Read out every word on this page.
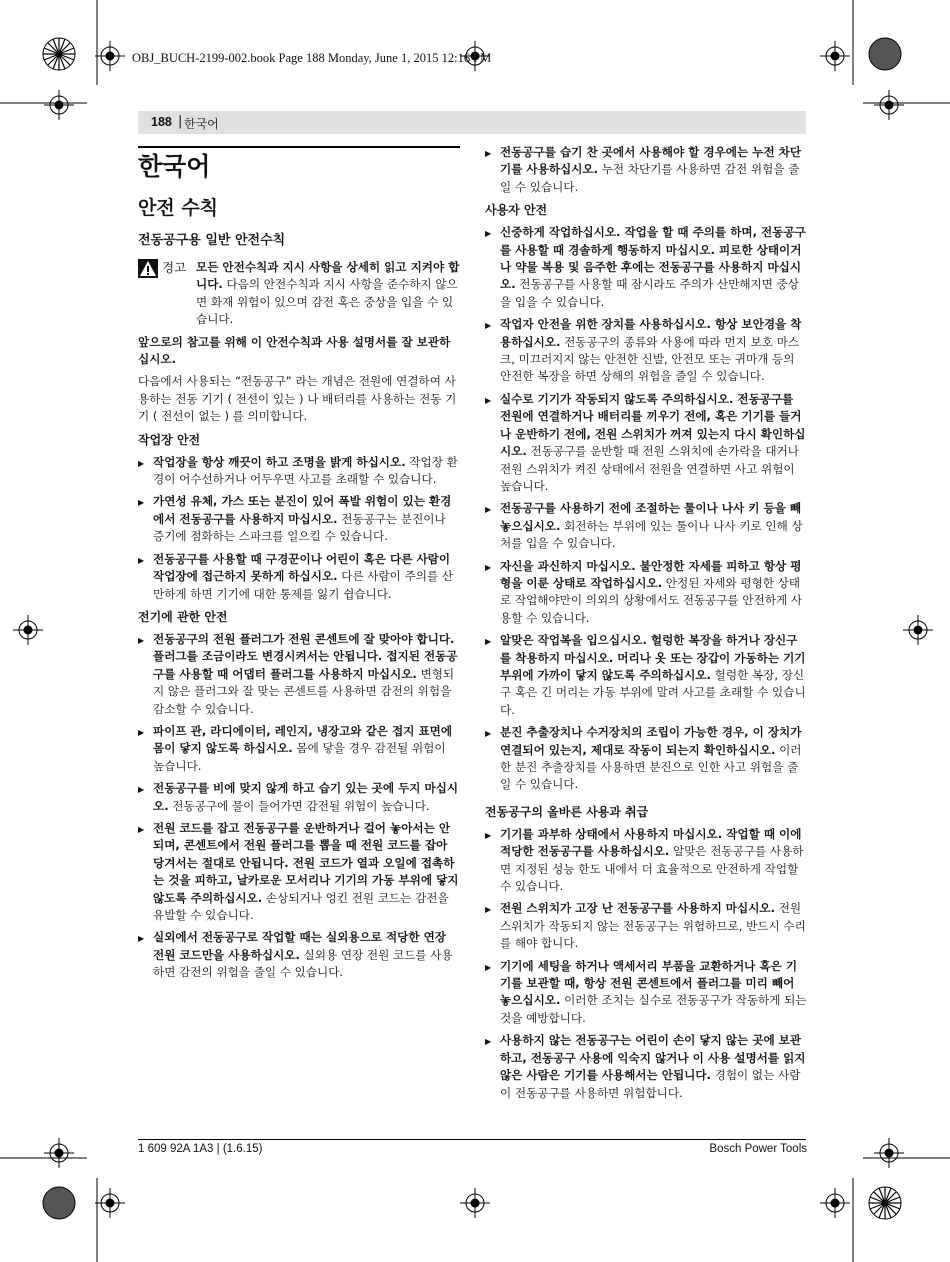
OBJ_BUCH-2199-002.book Page 188 Monday, June 1, 2015 12:16 PM
188 | 한국어
한국어
안전 수칙
전동공구용 일반 안전수칙

경고 모든 안전수칙과 지시 사항을 상세히 읽고 지켜야 합니다. 다음의 안전수칙과 지시 사항을 준수하지 않으면 화재 위험이 있으며 감전 혹은 중상을 입을 수 있습니다.

앞으로의 참고를 위해 이 안전수칙과 사용 설명서를 잘 보관하십시오.

다음에서 사용되는 “전동공구” 라는 개념은 전원에 연결하여 사용하는 전동 기기 ( 전선이 있는 ) 나 배터리를 사용하는 전동 기기 ( 전선이 없는 ) 를 의미합니다.

작업장 안전
▶ 작업장을 항상 깨끗이 하고 조명을 밝게 하십시오. 작업장 환경이 어수선하거나 어두우면 사고를 초래할 수 있습니다.
▶ 가연성 유체, 가스 또는 분진이 있어 폭발 위험이 있는 환경에서 전동공구를 사용하지 마십시오. 전동공구는 분진이나 증기에 점화하는 스파크를 일으킬 수 있습니다.
▶ 전동공구를 사용할 때 구경꾼이나 어린이 혹은 다른 사람이 작업장에 접근하지 못하게 하십시오. 다른 사람이 주의를 산만하게 하면 기기에 대한 통제를 잃기 쉽습니다.
전기에 관한 안전
▶ 전동공구의 전원 플러그가 전원 콘센트에 잘 맞아야 합니다. 플러그를 조금이라도 변경시켜서는 안됩니다. 접지된 전동공구를 사용할 때 어댑터 플러그를 사용하지 마십시오. 변형되지 않은 플러그와 잘 맞는 콘센트를 사용하면 감전의 위험을 감소할 수 있습니다.
▶ 파이프 관, 라디에이터, 레인지, 냉장고와 같은 접지 표면에 몸이 닿지 않도록 하십시오. 몸에 닿을 경우 감전될 위험이 높습니다.
▶ 전동공구를 비에 맞지 않게 하고 습기 있는 곳에 두지 마십시오. 전동공구에 물이 들어가면 감전될 위험이 높습니다.
▶ 전원 코드를 잡고 전동공구를 운반하거나 걸어 놓아서는 안되며, 콘센트에서 전원 플러그를 뽑을 때 전원 코드를 잡아 당겨서는 절대로 안됩니다. 전원 코드가 열과 오일에 접촉하는 것을 피하고, 날카로운 모서리나 기기의 가동 부위에 닿지 않도록 주의하십시오. 손상되거나 엉킨 전원 코드는 감전을 유발할 수 있습니다.
▶ 실외에서 전동공구로 작업할 때는 실외용으로 적당한 연장 전원 코드만을 사용하십시오. 실외용 연장 전원 코드를 사용하면 감전의 위험을 줄일 수 있습니다.
▶ 전동공구를 습기 찬 곳에서 사용해야 할 경우에는 누전 차단기를 사용하십시오. 누전 차단기를 사용하면 감전 위험을 줄일 수 있습니다.
사용자 안전
▶ 신중하게 작업하십시오. 작업을 할 때 주의를 하며, 전동공구를 사용할 때 경솔하게 행동하지 마십시오. 피로한 상태이거나 약물 복용 및 음주한 후에는 전동공구를 사용하지 마십시오. 전동공구를 사용할 때 잠시라도 주의가 산만해지면 중상을 입을 수 있습니다.
▶ 작업자 안전을 위한 장치를 사용하십시오. 항상 보안경을 착용하십시오. 전동공구의 종류와 사용에 따라 먼지 보호 마스크, 미끄러지지 않는 안전한 신발, 안전모 또는 귀마개 등의 안전한 복장을 하면 상해의 위험을 줄일 수 있습니다.
▶ 실수로 기기가 작동되지 않도록 주의하십시오. 전동공구를 전원에 연결하거나 배터리를 끼우기 전에, 혹은 기기를 들거나 운반하기 전에, 전원 스위치가 꺼져 있는지 다시 확인하십시오. 전동공구를 운반할 때 전원 스위치에 손가락을 대거나 전원 스위치가 켜진 상태에서 전원을 연결하면 사고 위험이 높습니다.
▶ 전동공구를 사용하기 전에 조절하는 툴이나 나사 키 등을 빼 놓으십시오. 회전하는 부위에 있는 툴이나 나사 키로 인해 상처를 입을 수 있습니다.
▶ 자신을 과신하지 마십시오. 불안정한 자세를 피하고 항상 평형을 이룬 상태로 작업하십시오. 안정된 자세와 평형한 상태로 작업해야만이 의외의 상황에서도 전동공구를 안전하게 사용할 수 있습니다.
▶ 알맞은 작업복을 입으십시오. 헐렁한 복장을 하거나 장신구를 착용하지 마십시오. 머리나 옷 또는 장갑이 가동하는 기기 부위에 가까이 닿지 않도록 주의하십시오. 헐렁한 복장, 장신구 혹은 긴 머리는 가동 부위에 말려 사고를 초래할 수 있습니다.
▶ 분진 추출장치나 수거장치의 조립이 가능한 경우, 이 장치가 연결되어 있는지, 제대로 작동이 되는지 확인하십시오. 이러한 분진 추출장치를 사용하면 분진으로 인한 사고 위험을 줄일 수 있습니다.
전동공구의 올바른 사용과 취급
▶ 기기를 과부하 상태에서 사용하지 마십시오. 작업할 때 이에 적당한 전동공구를 사용하십시오. 알맞은 전동공구를 사용하면 지정된 성능 한도 내에서 더 효율적으로 안전하게 작업할 수 있습니다.
▶ 전원 스위치가 고장 난 전동공구를 사용하지 마십시오. 전원 스위치가 작동되지 않는 전동공구는 위험하므로, 반드시 수리를 해야 합니다.
▶ 기기에 세팅을 하거나 액세서리 부품을 교환하거나 혹은 기기를 보관할 때, 항상 전원 콘센트에서 플러그를 미리 빼어 놓으십시오. 이러한 조치는 실수로 전동공구가 작동하게 되는 것을 예방합니다.
▶ 사용하지 않는 전동공구는 어린이 손이 닿지 않는 곳에 보관하고, 전동공구 사용에 익숙지 않거나 이 사용 설명서를 읽지 않은 사람은 기기를 사용해서는 안됩니다. 경험이 없는 사람이 전동공구를 사용하면 위험합니다.
1 609 92A 1A3 | (1.6.15)	Bosch Power Tools
